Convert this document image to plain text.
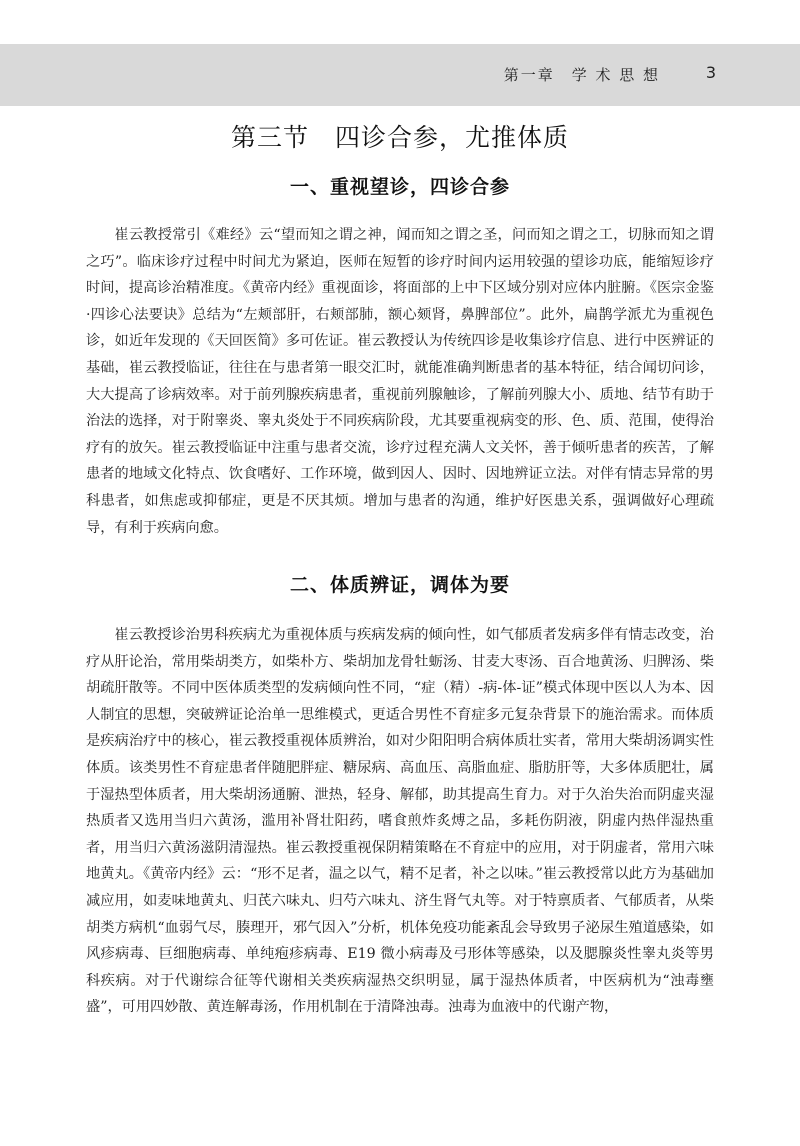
第一章　学 术 思 想	3
第三节　四诊合参，尤推体质
一、重视望诊，四诊合参
崔云教授常引《难经》云“望而知之谓之神，闻而知之谓之圣，问而知之谓之工，切脉而知之谓之巧”。临床诊疗过程中时间尤为紧迫，医师在短暂的诊疗时间内运用较强的望诊功底，能缩短诊疗时间，提高诊治精准度。《黄帝内经》重视面诊，将面部的上中下区域分别对应体内脏腑。《医宗金鉴·四诊心法要诀》总结为“左颊部肝，右颊部肺，额心颏肾，鼻脾部位”。此外，扁鹊学派尤为重视色诊，如近年发现的《天回医简》多可佐证。崔云教授认为传统四诊是收集诊疗信息、进行中医辨证的基础，崔云教授临证，往往在与患者第一眼交汇时，就能准确判断患者的基本特征，结合闻切问诊，大大提高了诊病效率。对于前列腺疾病患者，重视前列腺触诊，了解前列腺大小、质地、结节有助于治法的选择，对于附睾炎、睾丸炎处于不同疾病阶段，尤其要重视病变的形、色、质、范围，使得治疗有的放矢。崔云教授临证中注重与患者交流，诊疗过程充满人文关怀，善于倾听患者的疾苦，了解患者的地域文化特点、饮食嗜好、工作环境，做到因人、因时、因地辨证立法。对伴有情志异常的男科患者，如焦虑或抑郁症，更是不厌其烦。增加与患者的沟通，维护好医患关系，强调做好心理疏导，有利于疾病向愈。
二、体质辨证，调体为要
崔云教授诊治男科疾病尤为重视体质与疾病发病的倾向性，如气郁质者发病多伴有情志改变，治疗从肝论治，常用柴胡类方，如柴朴方、柴胡加龙骨牡蛎汤、甘麦大枣汤、百合地黄汤、归脾汤、柴胡疏肝散等。不同中医体质类型的发病倾向性不同，“症（精）-病-体-证”模式体现中医以人为本、因人制宜的思想，突破辨证论治单一思维模式，更适合男性不育症多元复杂背景下的施治需求。而体质是疾病治疗中的核心，崔云教授重视体质辨治，如对少阳阳明合病体质壮实者，常用大柴胡汤调实性体质。该类男性不育症患者伴随肥胖症、糖尿病、高血压、高脂血症、脂肪肝等，大多体质肥壮，属于湿热型体质者，用大柴胡汤通腑、泄热，轻身、解郁，助其提高生育力。对于久治失治而阴虚夹湿热质者又选用当归六黄汤，滥用补肾壮阳药，嗜食煎炸炙煿之品，多耗伤阴液，阴虚内热伴湿热重者，用当归六黄汤滋阴清湿热。崔云教授重视保阴精策略在不育症中的应用，对于阴虚者，常用六味地黄丸。《黄帝内经》云：“形不足者，温之以气，精不足者，补之以味。”崔云教授常以此方为基础加减应用，如麦味地黄丸、归芪六味丸、归芍六味丸、济生肾气丸等。对于特禀质者、气郁质者，从柴胡类方病机“血弱气尽，腠理开，邪气因入”分析，机体免疫功能紊乱会导致男子泌尿生殖道感染，如风疹病毒、巨细胞病毒、单纯疱疹病毒、E19 微小病毒及弓形体等感染，以及腮腺炎性睾丸炎等男科疾病。对于代谢综合征等代谢相关类疾病湿热交织明显，属于湿热体质者，中医病机为“浊毒壅盛”，可用四妙散、黄连解毒汤，作用机制在于清降浊毒。浊毒为血液中的代谢产物，
